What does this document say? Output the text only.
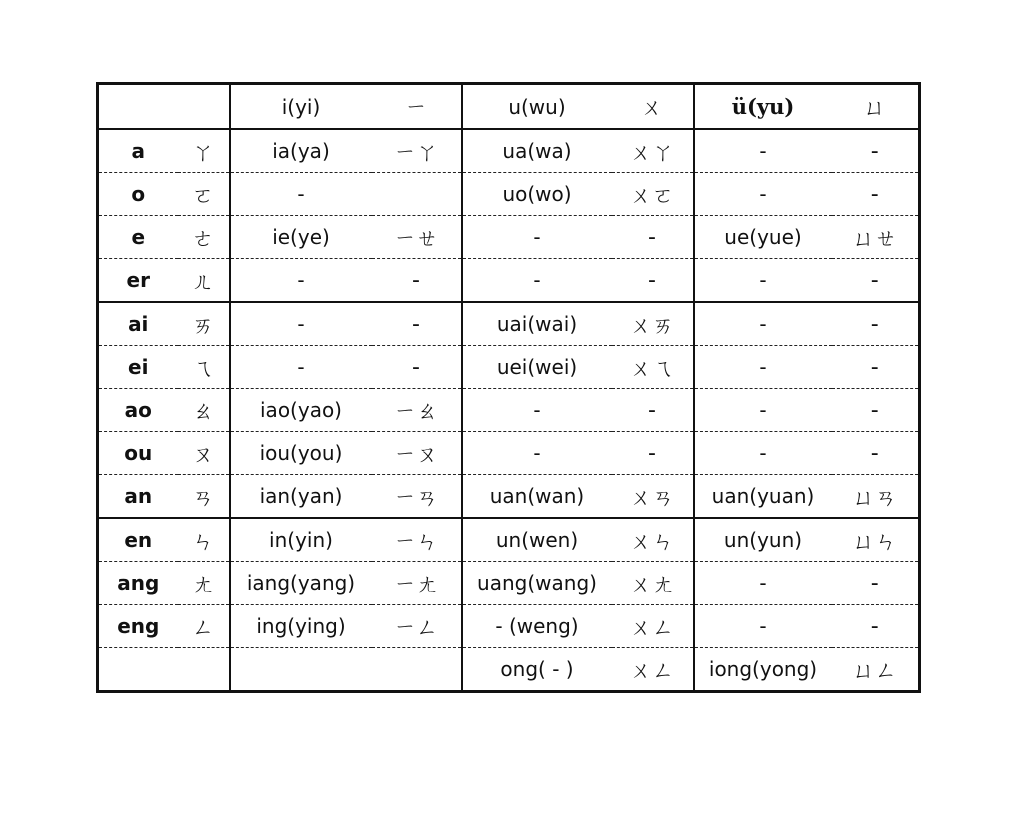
		i(yi)	ㄧ	u(wu)	ㄨ	ü(yu)	ㄩ
a	ㄚ	ia(ya)	ㄧㄚ	ua(wa)	ㄨㄚ	-	-
o	ㄛ	-		uo(wo)	ㄨㄛ	-	-
e	ㄜ	ie(ye)	ㄧㄝ	-	-	ue(yue)	ㄩㄝ
er	ㄦ	-	-	-	-	-	-
ai	ㄞ	-	-	uai(wai)	ㄨㄞ	-	-
ei	ㄟ	-	-	uei(wei)	ㄨㄟ	-	-
ao	ㄠ	iao(yao)	ㄧㄠ	-	-	-	-
ou	ㄡ	iou(you)	ㄧㄡ	-	-	-	-
an	ㄢ	ian(yan)	ㄧㄢ	uan(wan)	ㄨㄢ	uan(yuan)	ㄩㄢ
en	ㄣ	in(yin)	ㄧㄣ	un(wen)	ㄨㄣ	un(yun)	ㄩㄣ
ang	ㄤ	iang(yang)	ㄧㄤ	uang(wang)	ㄨㄤ	-	-
eng	ㄥ	ing(ying)	ㄧㄥ	- (weng)	ㄨㄥ	-	-
				ong( - )	ㄨㄥ	iong(yong)	ㄩㄥ
